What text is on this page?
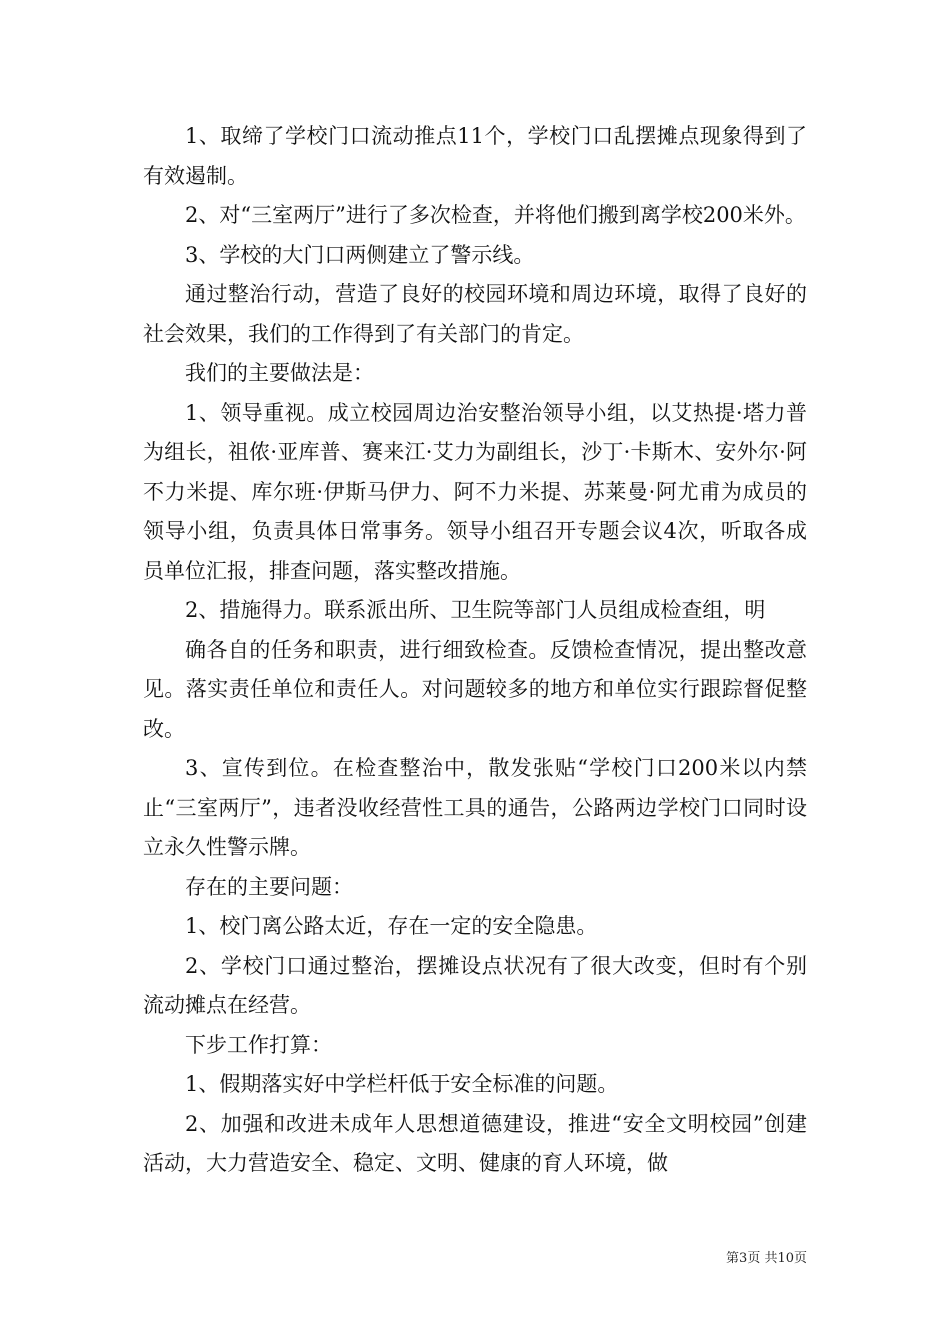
1、取缔了学校门口流动推点11个，学校门口乱摆摊点现象得到了有效遏制。

2、对“三室两厅”进行了多次检查，并将他们搬到离学校200米外。

3、学校的大门口两侧建立了警示线。

通过整治行动，营造了良好的校园环境和周边环境，取得了良好的社会效果，我们的工作得到了有关部门的肯定。

我们的主要做法是：

1、领导重视。成立校园周边治安整治领导小组，以艾热提·塔力普为组长，祖侬·亚库普、赛来江·艾力为副组长，沙丁·卡斯木、安外尔·阿不力米提、库尔班·伊斯马伊力、阿不力米提、苏莱曼·阿尤甫为成员的领导小组，负责具体日常事务。领导小组召开专题会议4次，听取各成员单位汇报，排查问题，落实整改措施。

2、措施得力。联系派出所、卫生院等部门人员组成检查组，明

确各自的任务和职责，进行细致检查。反馈检查情况，提出整改意见。落实责任单位和责任人。对问题较多的地方和单位实行跟踪督促整改。

3、宣传到位。在检查整治中，散发张贴“学校门口200米以内禁止“三室两厅”，违者没收经营性工具的通告，公路两边学校门口同时设立永久性警示牌。

存在的主要问题：

1、校门离公路太近，存在一定的安全隐患。

2、学校门口通过整治，摆摊设点状况有了很大改变，但时有个别流动摊点在经营。

下步工作打算：

1、假期落实好中学栏杆低于安全标准的问题。

2、加强和改进未成年人思想道德建设，推进“安全文明校园”创建活动，大力营造安全、稳定、文明、健康的育人环境，做

第3页 共10页
